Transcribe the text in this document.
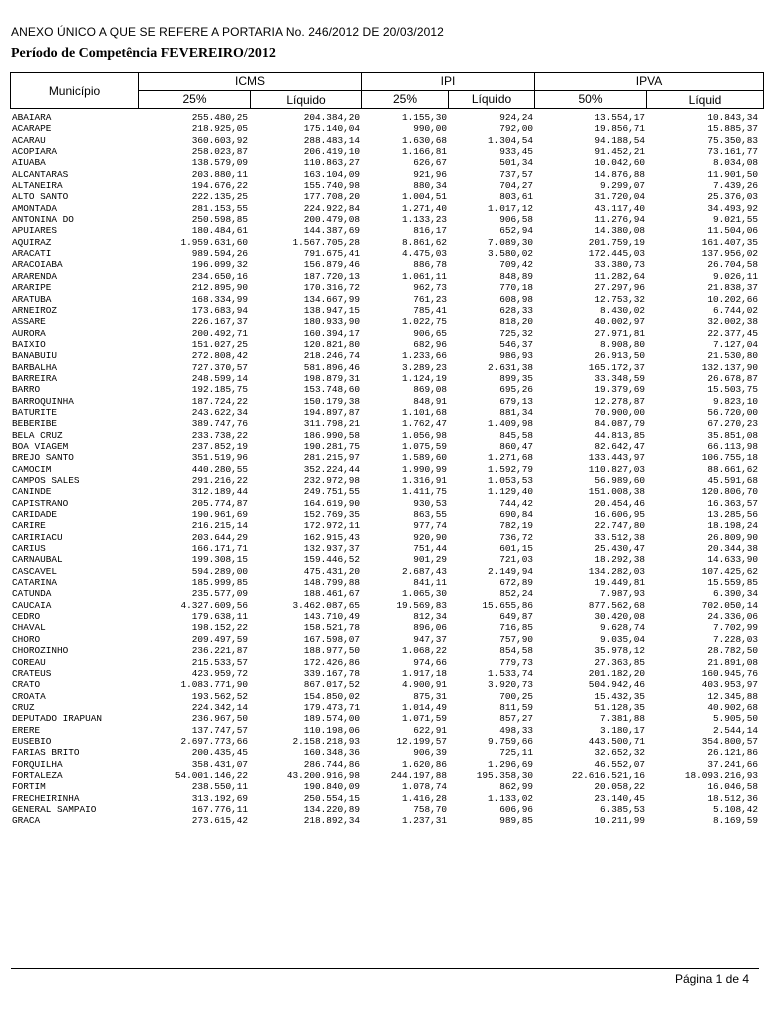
ANEXO ÚNICO A QUE SE REFERE A PORTARIA No. 246/2012 DE 20/03/2012
Período de Competência FEVEREIRO/2012
Município
ICMS
25%	Líquido
IPI
25%	Líquido
IPVA
50%	Líquid
ABAIARA	255.480,25	204.384,20	1.155,30	924,24	13.554,17	10.843,34
ACARAPE	218.925,05	175.140,04	990,00	792,00	19.856,71	15.885,37
ACARAU	360.603,92	288.483,14	1.630,68	1.304,54	94.188,54	75.350,83
ACOPIARA	258.023,87	206.419,10	1.166,81	933,45	91.452,21	73.161,77
AIUABA	138.579,09	110.863,27	626,67	501,34	10.042,60	8.034,08
ALCANTARAS	203.880,11	163.104,09	921,96	737,57	14.876,88	11.901,50
ALTANEIRA	194.676,22	155.740,98	880,34	704,27	9.299,07	7.439,26
ALTO SANTO	222.135,25	177.708,20	1.004,51	803,61	31.720,04	25.376,03
AMONTADA	281.153,55	224.922,84	1.271,40	1.017,12	43.117,40	34.493,92
ANTONINA DO	250.598,85	200.479,08	1.133,23	906,58	11.276,94	9.021,55
APUIARES	180.484,61	144.387,69	816,17	652,94	14.380,08	11.504,06
AQUIRAZ	1.959.631,60	1.567.705,28	8.861,62	7.089,30	201.759,19	161.407,35
ARACATI	989.594,26	791.675,41	4.475,03	3.580,02	172.445,03	137.956,02
ARACOIABA	196.099,32	156.879,46	886,78	709,42	33.380,73	26.704,58
ARARENDA	234.650,16	187.720,13	1.061,11	848,89	11.282,64	9.026,11
ARARIPE	212.895,90	170.316,72	962,73	770,18	27.297,96	21.838,37
ARATUBA	168.334,99	134.667,99	761,23	608,98	12.753,32	10.202,66
ARNEIROZ	173.683,94	138.947,15	785,41	628,33	8.430,02	6.744,02
ASSARE	226.167,37	180.933,90	1.022,75	818,20	40.002,97	32.002,38
AURORA	200.492,71	160.394,17	906,65	725,32	27.971,81	22.377,45
BAIXIO	151.027,25	120.821,80	682,96	546,37	8.908,80	7.127,04
BANABUIU	272.808,42	218.246,74	1.233,66	986,93	26.913,50	21.530,80
BARBALHA	727.370,57	581.896,46	3.289,23	2.631,38	165.172,37	132.137,90
BARREIRA	248.599,14	198.879,31	1.124,19	899,35	33.348,59	26.678,87
BARRO	192.185,75	153.748,60	869,08	695,26	19.379,69	15.503,75
BARROQUINHA	187.724,22	150.179,38	848,91	679,13	12.278,87	9.823,10
BATURITE	243.622,34	194.897,87	1.101,68	881,34	70.900,00	56.720,00
BEBERIBE	389.747,76	311.798,21	1.762,47	1.409,98	84.087,79	67.270,23
BELA CRUZ	233.738,22	186.990,58	1.056,98	845,58	44.813,85	35.851,08
BOA VIAGEM	237.852,19	190.281,75	1.075,59	860,47	82.642,47	66.113,98
BREJO SANTO	351.519,96	281.215,97	1.589,60	1.271,68	133.443,97	106.755,18
CAMOCIM	440.280,55	352.224,44	1.990,99	1.592,79	110.827,03	88.661,62
CAMPOS SALES	291.216,22	232.972,98	1.316,91	1.053,53	56.989,60	45.591,68
CANINDE	312.189,44	249.751,55	1.411,75	1.129,40	151.008,38	120.806,70
CAPISTRANO	205.774,87	164.619,90	930,53	744,42	20.454,46	16.363,57
CARIDADE	190.961,69	152.769,35	863,55	690,84	16.606,95	13.285,56
CARIRE	216.215,14	172.972,11	977,74	782,19	22.747,80	18.198,24
CARIRIACU	203.644,29	162.915,43	920,90	736,72	33.512,38	26.809,90
CARIUS	166.171,71	132.937,37	751,44	601,15	25.430,47	20.344,38
CARNAUBAL	199.308,15	159.446,52	901,29	721,03	18.292,38	14.633,90
CASCAVEL	594.289,00	475.431,20	2.687,43	2.149,94	134.282,03	107.425,62
CATARINA	185.999,85	148.799,88	841,11	672,89	19.449,81	15.559,85
CATUNDA	235.577,09	188.461,67	1.065,30	852,24	7.987,93	6.390,34
CAUCAIA	4.327.609,56	3.462.087,65	19.569,83	15.655,86	877.562,68	702.050,14
CEDRO	179.638,11	143.710,49	812,34	649,87	30.420,08	24.336,06
CHAVAL	198.152,22	158.521,78	896,06	716,85	9.628,74	7.702,99
CHORO	209.497,59	167.598,07	947,37	757,90	9.035,04	7.228,03
CHOROZINHO	236.221,87	188.977,50	1.068,22	854,58	35.978,12	28.782,50
COREAU	215.533,57	172.426,86	974,66	779,73	27.363,85	21.891,08
CRATEUS	423.959,72	339.167,78	1.917,18	1.533,74	201.182,20	160.945,76
CRATO	1.083.771,90	867.017,52	4.900,91	3.920,73	504.942,46	403.953,97
CROATA	193.562,52	154.850,02	875,31	700,25	15.432,35	12.345,88
CRUZ	224.342,14	179.473,71	1.014,49	811,59	51.128,35	40.902,68
DEPUTADO IRAPUAN	236.967,50	189.574,00	1.071,59	857,27	7.381,88	5.905,50
ERERE	137.747,57	110.198,06	622,91	498,33	3.180,17	2.544,14
EUSEBIO	2.697.773,66	2.158.218,93	12.199,57	9.759,66	443.500,71	354.800,57
FARIAS BRITO	200.435,45	160.348,36	906,39	725,11	32.652,32	26.121,86
FORQUILHA	358.431,07	286.744,86	1.620,86	1.296,69	46.552,07	37.241,66
FORTALEZA	54.001.146,22	43.200.916,98	244.197,88	195.358,30	22.616.521,16	18.093.216,93
FORTIM	238.550,11	190.840,09	1.078,74	862,99	20.058,22	16.046,58
FRECHEIRINHA	313.192,69	250.554,15	1.416,28	1.133,02	23.140,45	18.512,36
GENERAL SAMPAIO	167.776,11	134.220,89	758,70	606,96	6.385,53	5.108,42
GRACA	273.615,42	218.892,34	1.237,31	989,85	10.211,99	8.169,59
Página 1 de 4
